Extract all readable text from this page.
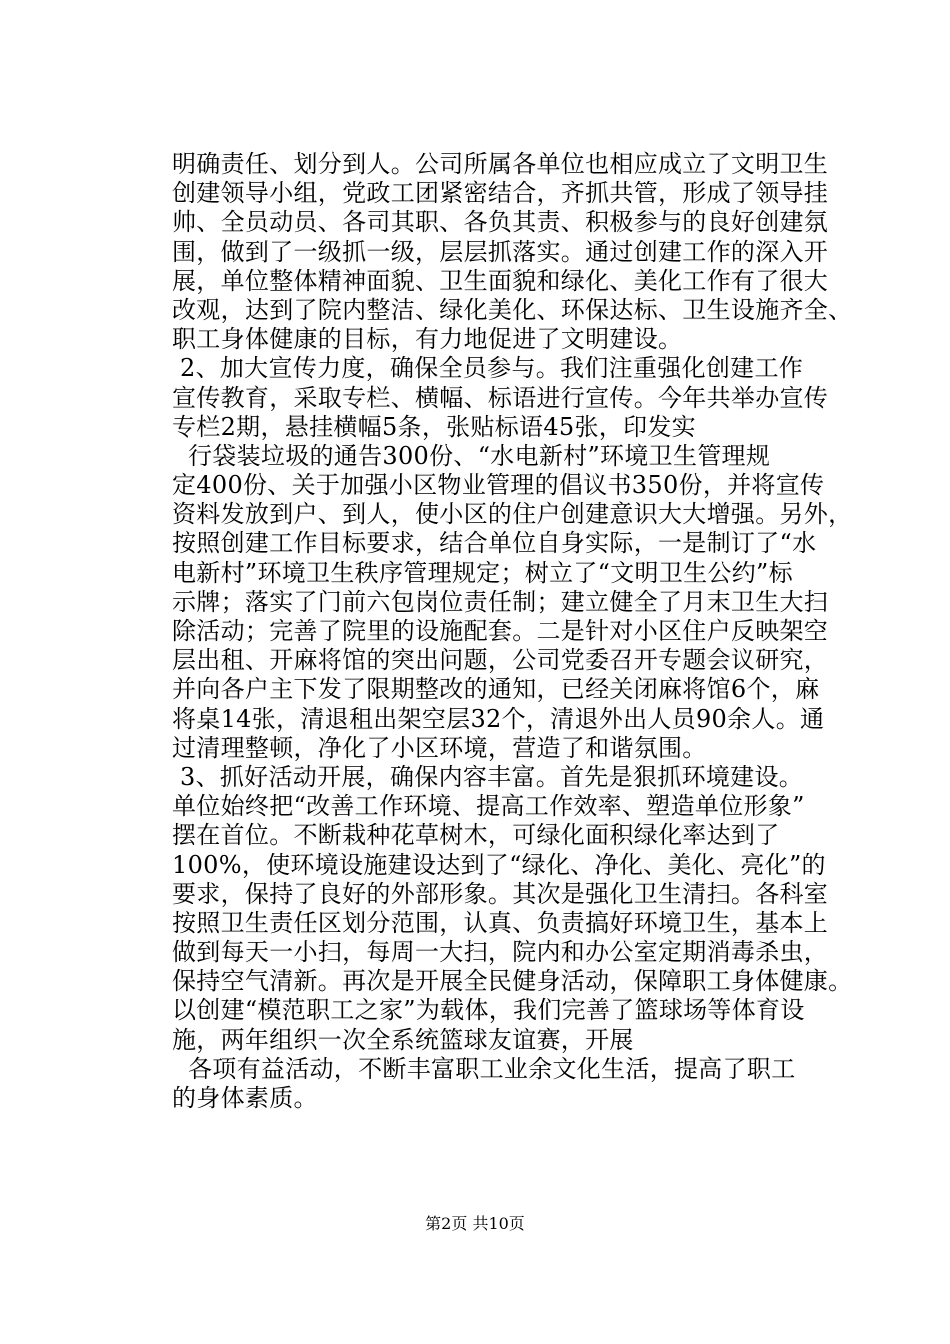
明确责任、划分到人。公司所属各单位也相应成立了文明卫生
创建领导小组，党政工团紧密结合，齐抓共管，形成了领导挂
帅、全员动员、各司其职、各负其责、积极参与的良好创建氛
围，做到了一级抓一级，层层抓落实。通过创建工作的深入开
展，单位整体精神面貌、卫生面貌和绿化、美化工作有了很大
改观，达到了院内整洁、绿化美化、环保达标、卫生设施齐全、
职工身体健康的目标，有力地促进了文明建设。
2、加大宣传力度，确保全员参与。我们注重强化创建工作
宣传教育，采取专栏、横幅、标语进行宣传。今年共举办宣传
专栏2期，悬挂横幅5条，张贴标语45张，印发实
行袋装垃圾的通告300份、“水电新村”环境卫生管理规
定400份、关于加强小区物业管理的倡议书350份，并将宣传
资料发放到户、到人，使小区的住户创建意识大大增强。另外，
按照创建工作目标要求，结合单位自身实际，一是制订了“水
电新村”环境卫生秩序管理规定；树立了“文明卫生公约”标
示牌；落实了门前六包岗位责任制；建立健全了月末卫生大扫
除活动；完善了院里的设施配套。二是针对小区住户反映架空
层出租、开麻将馆的突出问题，公司党委召开专题会议研究，
并向各户主下发了限期整改的通知，已经关闭麻将馆6个，麻
将桌14张，清退租出架空层32个，清退外出人员90余人。通
过清理整顿，净化了小区环境，营造了和谐氛围。
3、抓好活动开展，确保内容丰富。首先是狠抓环境建设。
单位始终把“改善工作环境、提高工作效率、塑造单位形象”
摆在首位。不断栽种花草树木，可绿化面积绿化率达到了
100%，使环境设施建设达到了“绿化、净化、美化、亮化”的
要求，保持了良好的外部形象。其次是强化卫生清扫。各科室
按照卫生责任区划分范围，认真、负责搞好环境卫生，基本上
做到每天一小扫，每周一大扫，院内和办公室定期消毒杀虫，
保持空气清新。再次是开展全民健身活动，保障职工身体健康。
以创建“模范职工之家”为载体，我们完善了篮球场等体育设
施，两年组织一次全系统篮球友谊赛，开展
各项有益活动，不断丰富职工业余文化生活，提高了职工
的身体素质。
第2页 共10页
